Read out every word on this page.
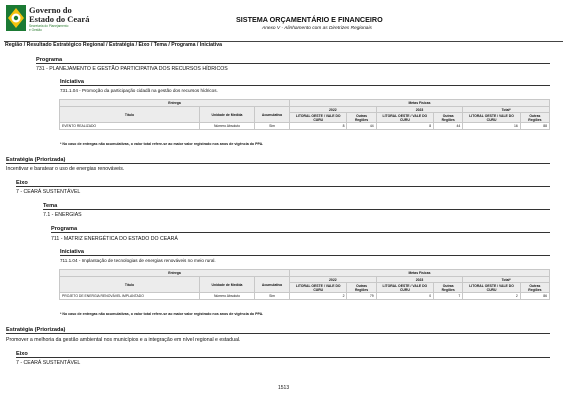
Governo do
Estado do Ceará
Secretaria do Planejamento
e Gestão
SISTEMA ORÇAMENTÁRIO E FINANCEIRO
Anexo V - Alinhamento com as Diretrizes Regionais
Região / Resultado Estratégico Regional / Estratégia / Eixo / Tema / Programa / Iniciativa
Programa
731 - PLANEJAMENTO E GESTÃO PARTICIPATIVA DOS RECURSOS HÍDRICOS
Iniciativa
731.1.04 - Promoção da participação cidadã na gestão dos recursos hídricos.
Entrega			Metas Físicas					
Título	Unidade de Medida	Acumulativa	2022		2023		Total*	
			LITORAL OESTE / VALE DO CURU	Outras Regiões	LITORAL OESTE / VALE DO CURU	Outras Regiões	LITORAL OESTE / VALE DO CURU	Outras Regiões
EVENTO REALIZADO	Número Absoluto	Sim	8	44	8	44	16	88
* No caso de entregas não acumulativas, o valor total refere-se ao maior valor registrado nos anos de vigência do PPA.
Estratégia (Priorizada)
Incentivar e baratear o uso de energias renováveis.
Eixo
7 - CEARÁ SUSTENTÁVEL
Tema
7.1 - ENERGIAS
Programa
711 - MATRIZ ENERGÉTICA DO ESTADO DO CEARÁ
Iniciativa
711.1.04 - Implantação de tecnologias de energias renováveis no meio rural.
Entrega			Metas Físicas					
Título	Unidade de Medida	Acumulativa	2022		2023		Total*	
			LITORAL OESTE / VALE DO CURU	Outras Regiões	LITORAL OESTE / VALE DO CURU	Outras Regiões	LITORAL OESTE / VALE DO CURU	Outras Regiões
PROJETO DE ENERGIA RENOVÁVEL IMPLANTADO	Número Absoluto	Sim	2	79	0	7	2	86
* No caso de entregas não acumulativas, o valor total refere-se ao maior valor registrado nos anos de vigência do PPA.
Estratégia (Priorizada)
Promover a melhoria da gestão ambiental nos municípios e a integração em nível regional e estadual.
Eixo
7 - CEARÁ SUSTENTÁVEL
1513
